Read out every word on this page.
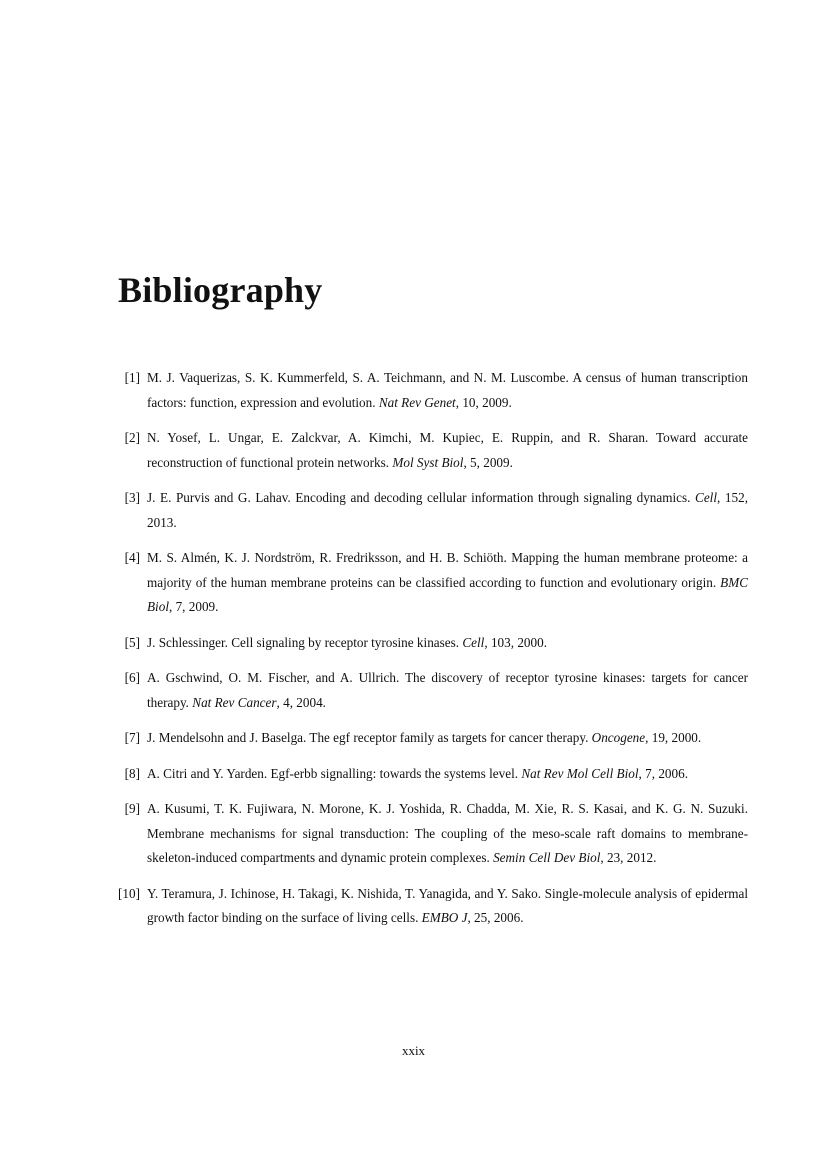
Bibliography
[1] M. J. Vaquerizas, S. K. Kummerfeld, S. A. Teichmann, and N. M. Luscombe. A census of human transcription factors: function, expression and evolution. Nat Rev Genet, 10, 2009.
[2] N. Yosef, L. Ungar, E. Zalckvar, A. Kimchi, M. Kupiec, E. Ruppin, and R. Sharan. Toward accurate reconstruction of functional protein networks. Mol Syst Biol, 5, 2009.
[3] J. E. Purvis and G. Lahav. Encoding and decoding cellular information through signaling dynamics. Cell, 152, 2013.
[4] M. S. Almén, K. J. Nordström, R. Fredriksson, and H. B. Schiöth. Mapping the human membrane proteome: a majority of the human membrane proteins can be classified according to function and evolutionary origin. BMC Biol, 7, 2009.
[5] J. Schlessinger. Cell signaling by receptor tyrosine kinases. Cell, 103, 2000.
[6] A. Gschwind, O. M. Fischer, and A. Ullrich. The discovery of receptor tyrosine kinases: targets for cancer therapy. Nat Rev Cancer, 4, 2004.
[7] J. Mendelsohn and J. Baselga. The egf receptor family as targets for cancer therapy. Oncogene, 19, 2000.
[8] A. Citri and Y. Yarden. Egf-erbb signalling: towards the systems level. Nat Rev Mol Cell Biol, 7, 2006.
[9] A. Kusumi, T. K. Fujiwara, N. Morone, K. J. Yoshida, R. Chadda, M. Xie, R. S. Kasai, and K. G. N. Suzuki. Membrane mechanisms for signal transduction: The coupling of the meso-scale raft domains to membrane-skeleton-induced compartments and dynamic protein complexes. Semin Cell Dev Biol, 23, 2012.
[10] Y. Teramura, J. Ichinose, H. Takagi, K. Nishida, T. Yanagida, and Y. Sako. Single-molecule analysis of epidermal growth factor binding on the surface of living cells. EMBO J, 25, 2006.
xxix
